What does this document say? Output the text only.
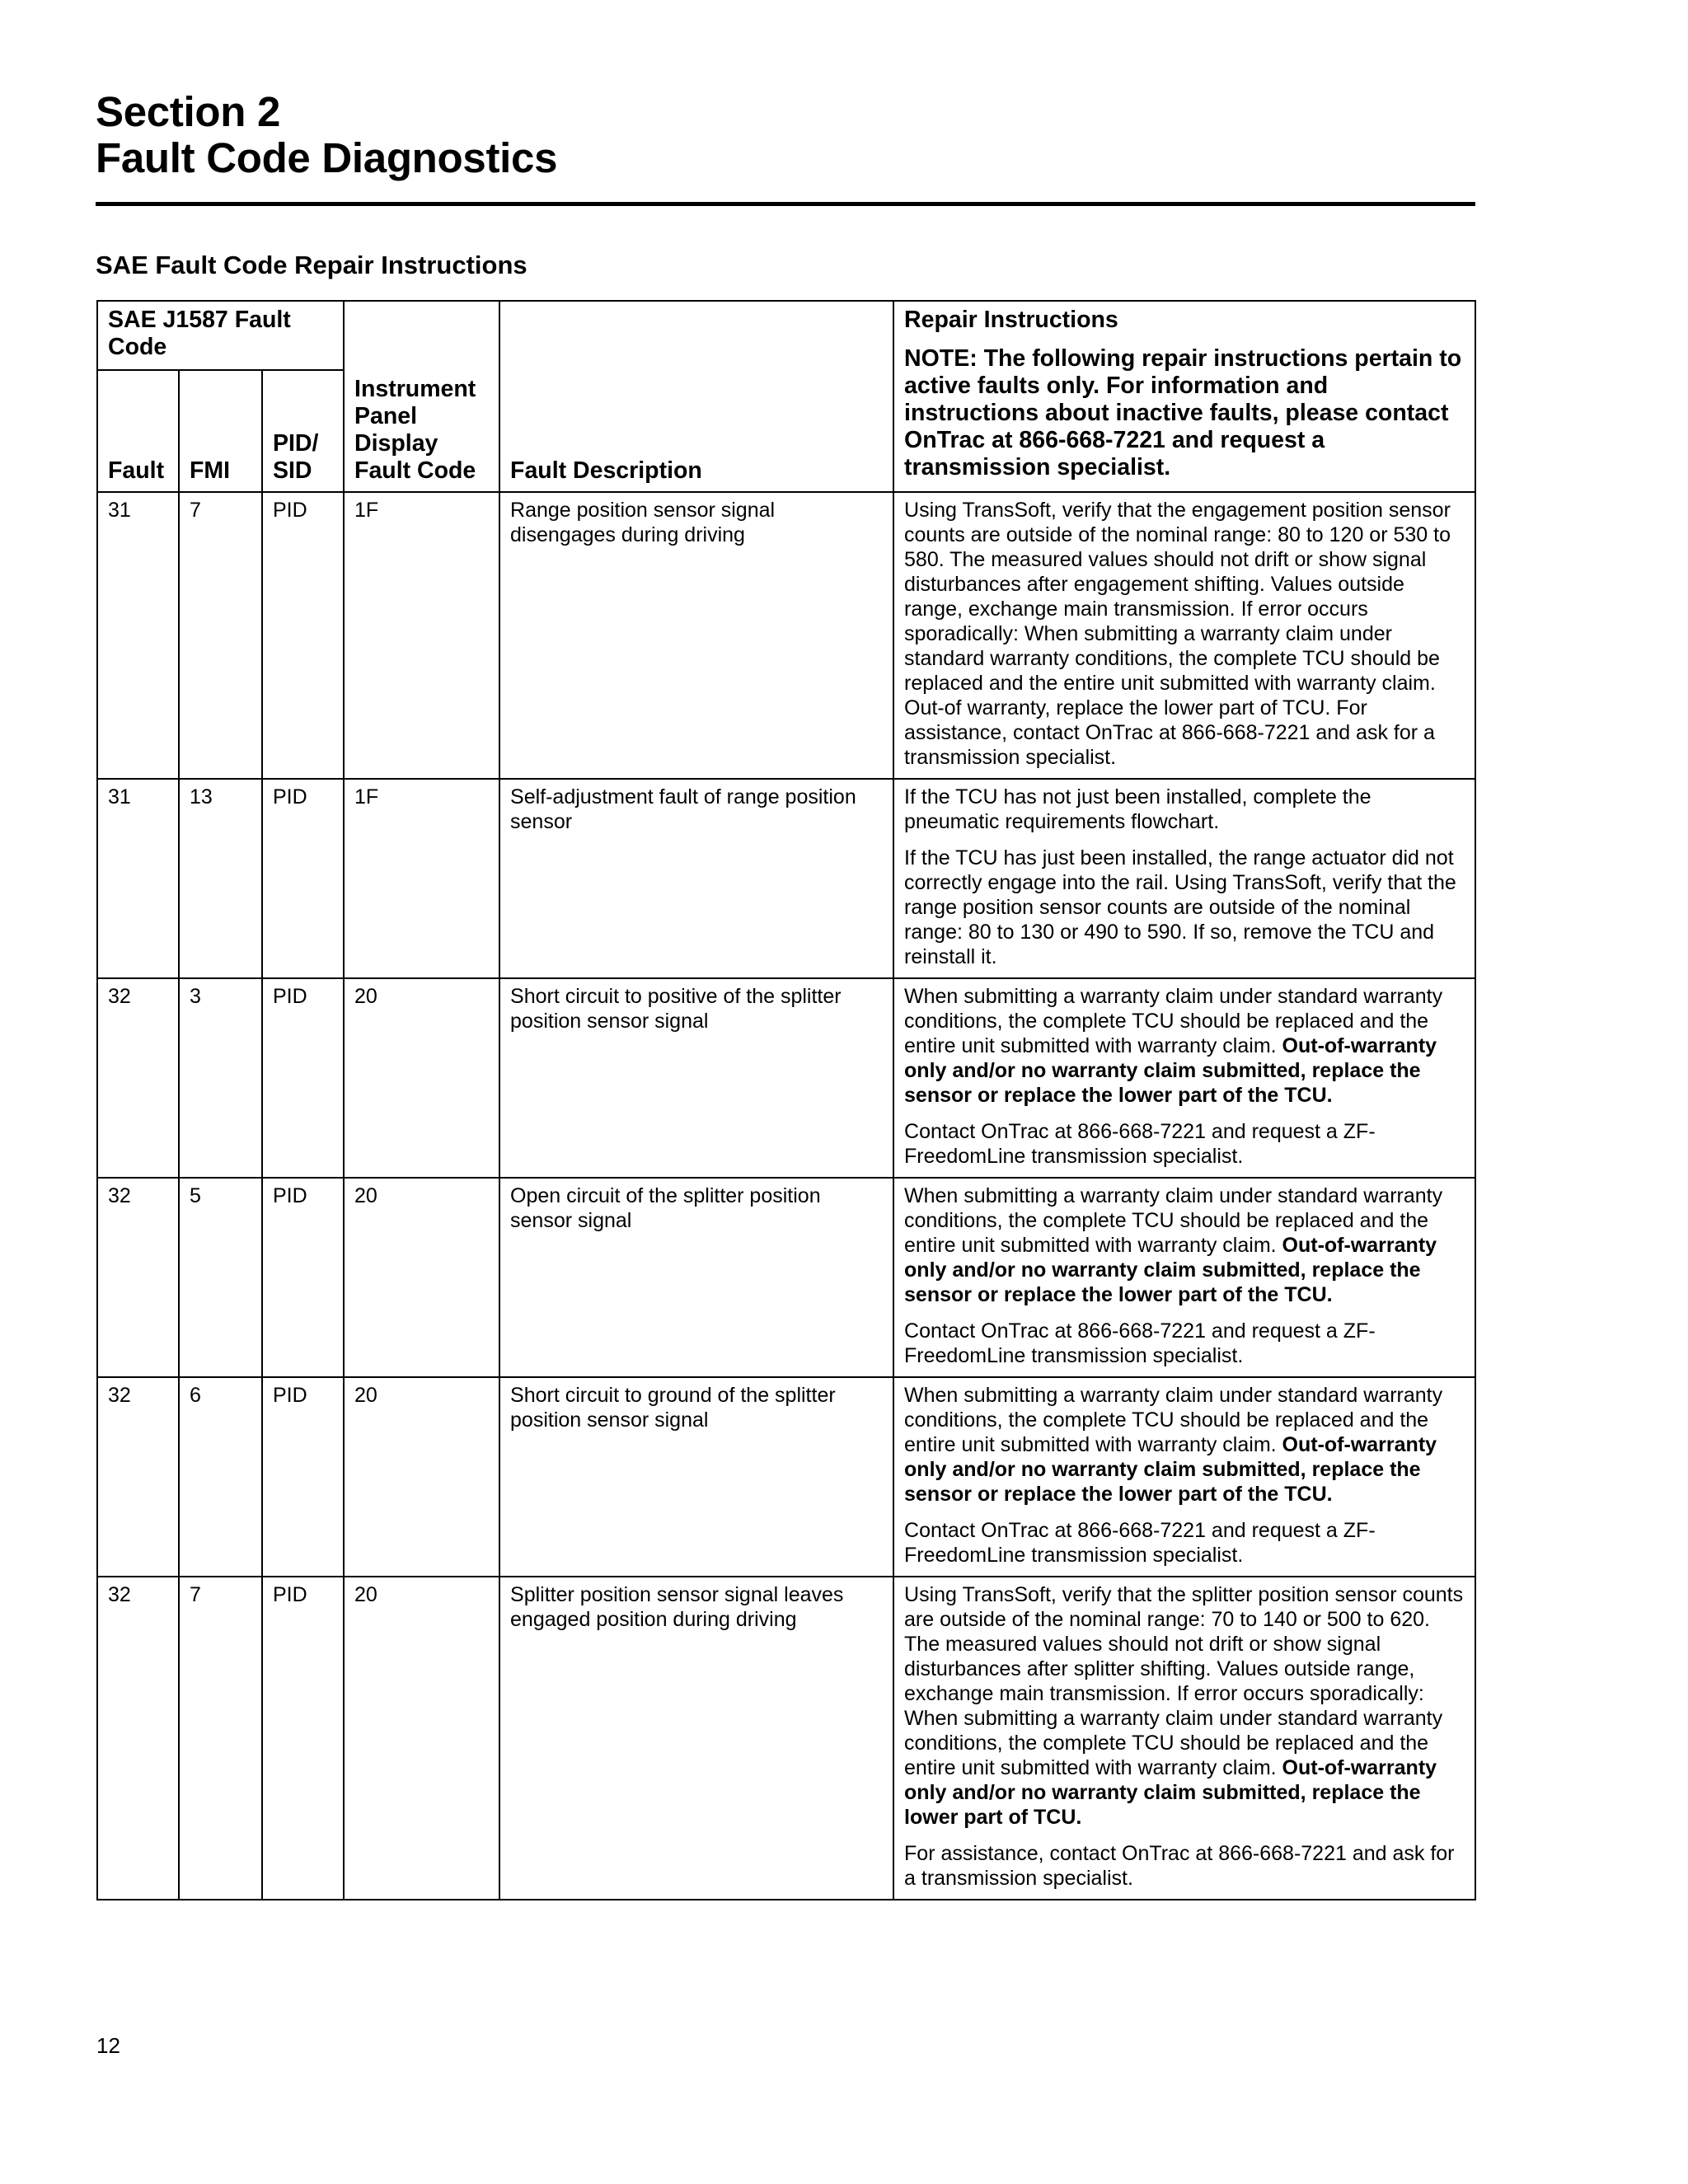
Section 2
Fault Code Diagnostics
SAE Fault Code Repair Instructions
SAE J1587 Fault Code			Instrument Panel Display Fault Code	Fault Description	Repair Instructions
NOTE: The following repair instructions pertain to active faults only. For information and instructions about inactive faults, please contact OnTrac at 866-668-7221 and request a transmission specialist.

Fault	FMI	PID/ SID			
31	7	PID	1F	Range position sensor signal disengages during driving	Using TransSoft, verify that the engagement position sensor counts are outside of the nominal range: 80 to 120 or 530 to 580. The measured values should not drift or show signal disturbances after engagement shifting. Values outside range, exchange main transmission. If error occurs sporadically: When submitting a warranty claim under standard warranty conditions, the complete TCU should be replaced and the entire unit submitted with warranty claim. Out-of warranty, replace the lower part of TCU. For assistance, contact OnTrac at 866-668-7221 and ask for a transmission specialist.

31	13	PID	1F	Self-adjustment fault of range position sensor	If the TCU has not just been installed, complete the pneumatic requirements flowchart.
If the TCU has just been installed, the range actuator did not correctly engage into the rail. Using TransSoft, verify that the range position sensor counts are outside of the nominal range: 80 to 130 or 490 to 590. If so, remove the TCU and reinstall it.

32	3	PID	20	Short circuit to positive of the splitter position sensor signal	When submitting a warranty claim under standard warranty conditions, the complete TCU should be replaced and the entire unit submitted with warranty claim. Out-of-warranty only and/or no warranty claim submitted, replace the sensor or replace the lower part of the TCU.
Contact OnTrac at 866-668-7221 and request a ZF-FreedomLine transmission specialist.

32	5	PID	20	Open circuit of the splitter position sensor signal	When submitting a warranty claim under standard warranty conditions, the complete TCU should be replaced and the entire unit submitted with warranty claim. Out-of-warranty only and/or no warranty claim submitted, replace the sensor or replace the lower part of the TCU.
Contact OnTrac at 866-668-7221 and request a ZF-FreedomLine transmission specialist.

32	6	PID	20	Short circuit to ground of the splitter position sensor signal	When submitting a warranty claim under standard warranty conditions, the complete TCU should be replaced and the entire unit submitted with warranty claim. Out-of-warranty only and/or no warranty claim submitted, replace the sensor or replace the lower part of the TCU.
Contact OnTrac at 866-668-7221 and request a ZF-FreedomLine transmission specialist.

32	7	PID	20	Splitter position sensor signal leaves engaged position during driving	Using TransSoft, verify that the splitter position sensor counts are outside of the nominal range: 70 to 140 or 500 to 620. The measured values should not drift or show signal disturbances after splitter shifting. Values outside range, exchange main transmission. If error occurs sporadically: When submitting a warranty claim under standard warranty conditions, the complete TCU should be replaced and the entire unit submitted with warranty claim. Out-of-warranty only and/or no warranty claim submitted, replace the lower part of TCU.
For assistance, contact OnTrac at 866-668-7221 and ask for a transmission specialist.
12
